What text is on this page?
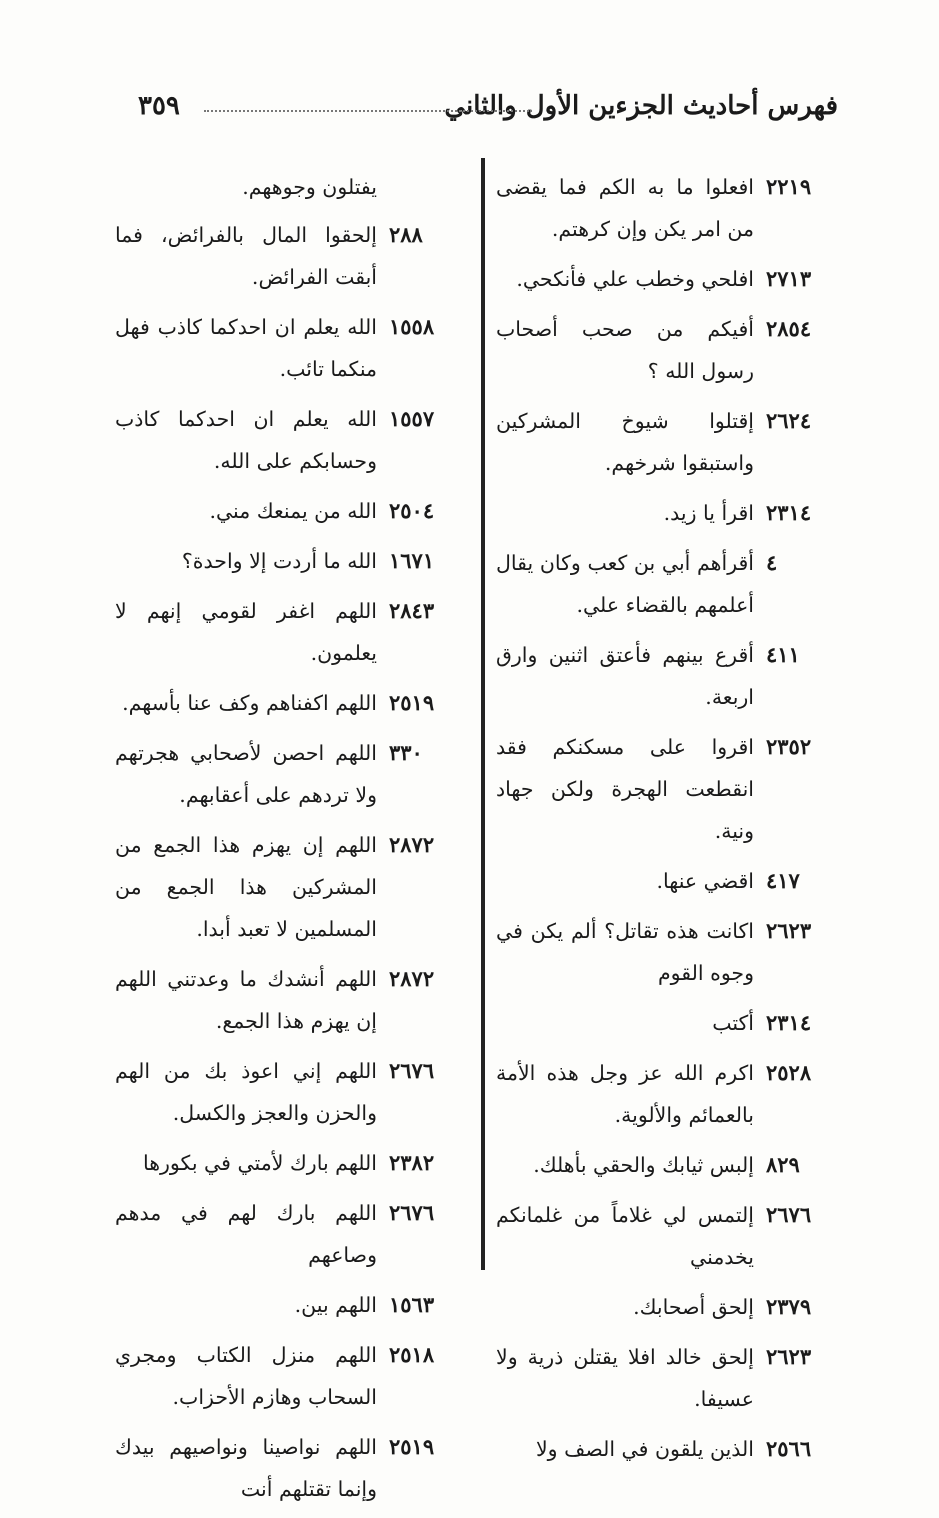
فهرس أحاديث الجزءين الأول والثاني
٣٥٩
٢٢١٩
افعلوا ما به الكم فما يقضى من امر يكن وإن كرهتم.
٢٧١٣
افلحي وخطب علي فأنكحي.
٢٨٥٤
أفيكم من صحب أصحاب رسول الله ؟
٢٦٢٤
إقتلوا شيوخ المشركين واستبقوا شرخهم.
٢٣١٤
اقرأ يا زيد.
٤
أقرأهم أبي بن كعب وكان يقال أعلمهم بالقضاء علي.
٤١١
أقرع بينهم فأعتق اثنين وارق اربعة.
٢٣٥٢
اقروا على مسكنكم فقد انقطعت الهجرة ولكن جهاد ونية.
٤١٧
اقضي عنها.
٢٦٢٣
اكانت هذه تقاتل؟ ألم يكن في وجوه القوم
٢٣١٤
أكتب
٢٥٢٨
اكرم الله عز وجل هذه الأمة بالعمائم والألوية.
٨٢٩
إلبس ثيابك والحقي بأهلك.
٢٦٧٦
إلتمس لي غلاماً من غلمانكم يخدمني
٢٣٧٩
إلحق أصحابك.
٢٦٢٣
إلحق خالد افلا يقتلن ذرية ولا عسيفا.
٢٥٦٦
الذين يلقون في الصف ولا
يفتلون وجوههم.
٢٨٨
إلحقوا المال بالفرائض، فما أبقت الفرائض.
١٥٥٨
الله يعلم ان احدكما كاذب فهل منكما تائب.
١٥٥٧
الله يعلم ان احدكما كاذب وحسابكم على الله.
٢٥٠٤
الله من يمنعك مني.
١٦٧١
الله ما أردت إلا واحدة؟
٢٨٤٣
اللهم اغفر لقومي إنهم لا يعلمون.
٢٥١٩
اللهم اكفناهم وكف عنا بأسهم.
٣٣٠
اللهم احصن لأصحابي هجرتهم ولا تردهم على أعقابهم.
٢٨٧٢
اللهم إن يهزم هذا الجمع من المشركين هذا الجمع من المسلمين لا تعبد أبدا.
٢٨٧٢
اللهم أنشدك ما وعدتني اللهم إن يهزم هذا الجمع.
٢٦٧٦
اللهم إني اعوذ بك من الهم والحزن والعجز والكسل.
٢٣٨٢
اللهم بارك لأمتي في بكورها
٢٦٧٦
اللهم بارك لهم في مدهم وصاعهم
١٥٦٣
اللهم بين.
٢٥١٨
اللهم منزل الكتاب ومجري السحاب وهازم الأحزاب.
٢٥١٩
اللهم نواصينا ونواصيهم بيدك وإنما تقتلهم أنت
